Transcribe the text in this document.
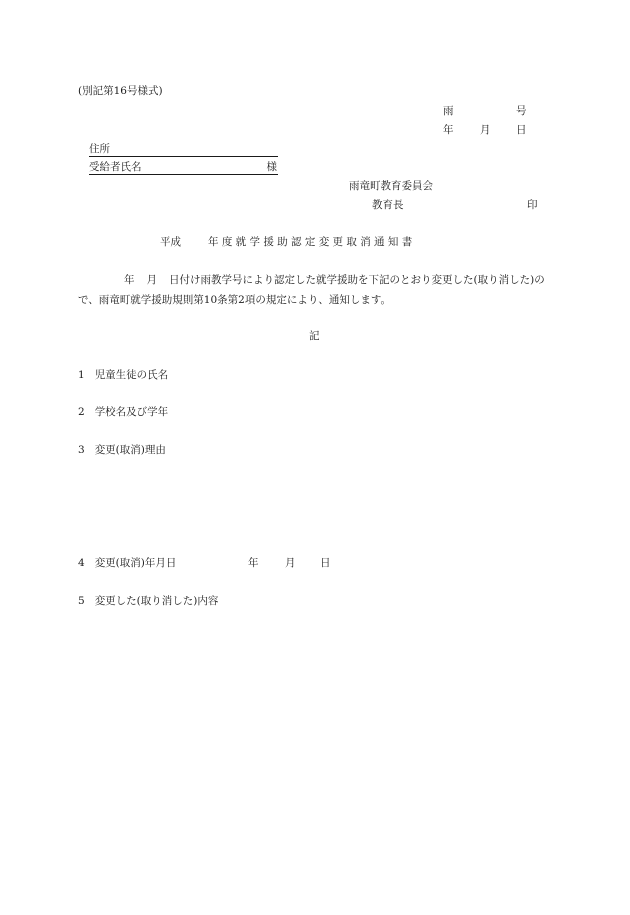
(別記第16号様式)
雨	号
年	月 日
住所
受給者氏名	様
雨竜町教育委員会
教育長	印
平成	年 度 就 学 援 助 認 定 変 更 取 消 通 知 書
年 月 日付け雨教学号により認定した就学援助を下記のとおり変更した(取り消した)ので、雨竜町就学援助規則第10条第2項の規定により、通知します。
記
1 児童生徒の氏名
2 学校名及び学年
3 変更(取消)理由
4 変更(取消)年月日	年	月 日
5 変更した(取り消した)内容
